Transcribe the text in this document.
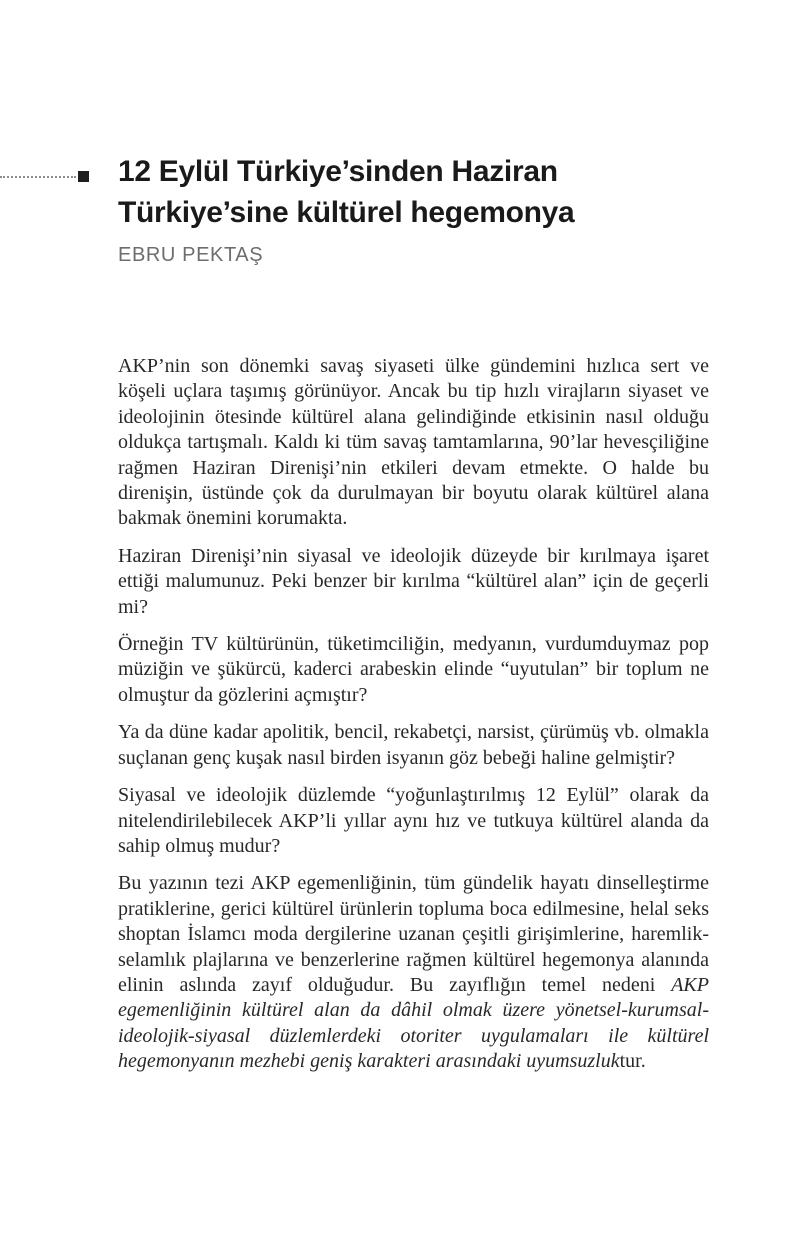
12 Eylül Türkiye’sinden Haziran Türkiye’sine kültürel hegemonya
EBRU PEKTAŞ

AKP’nin son dönemki savaş siyaseti ülke gündemini hızlıca sert ve köşeli uçlara taşımış görünüyor. Ancak bu tip hızlı virajların siyaset ve ideolojinin ötesinde kültürel alana gelindiğinde etkisinin nasıl olduğu oldukça tartışmalı. Kaldı ki tüm savaş tamtamlarına, 90’lar hevesçiliğine rağmen Haziran Direnişi’nin etkileri devam etmekte. O halde bu direnişin, üstünde çok da durulmayan bir boyutu olarak kültürel alana bakmak önemini korumakta.

Haziran Direnişi’nin siyasal ve ideolojik düzeyde bir kırılmaya işaret ettiği malumunuz. Peki benzer bir kırılma “kültürel alan” için de geçerli mi?

Örneğin TV kültürünün, tüketimciliğin, medyanın, vurdumduymaz pop müziğin ve şükürcü, kaderci arabeskin elinde “uyutulan” bir toplum ne olmuştur da gözlerini açmıştır?

Ya da düne kadar apolitik, bencil, rekabetçi, narsist, çürümüş vb. olmakla suçlanan genç kuşak nasıl birden isyanın göz bebeği haline gelmiştir?

Siyasal ve ideolojik düzlemde “yoğunlaştırılmış 12 Eylül” olarak da nitelendirilebilecek AKP’li yıllar aynı hız ve tutkuya kültürel alanda da sahip olmuş mudur?

Bu yazının tezi AKP egemenliğinin, tüm gündelik hayatı dinselleştirme pratiklerine, gerici kültürel ürünlerin topluma boca edilmesine, helal seks shoptan İslamcı moda dergilerine uzanan çeşitli girişimlerine, haremlik-selamlık plajlarına ve benzerlerine rağmen kültürel hegemonya alanında elinin aslında zayıf olduğudur. Bu zayıflığın temel nedeni AKP egemenliğinin kültürel alan da dâhil olmak üzere yönetsel-kurumsal-ideolojik-siyasal düzlemlerdeki otoriter uygulamaları ile kültürel hegemonyanın mezhebi geniş karakteri arasındaki uyumsuzluktur.
